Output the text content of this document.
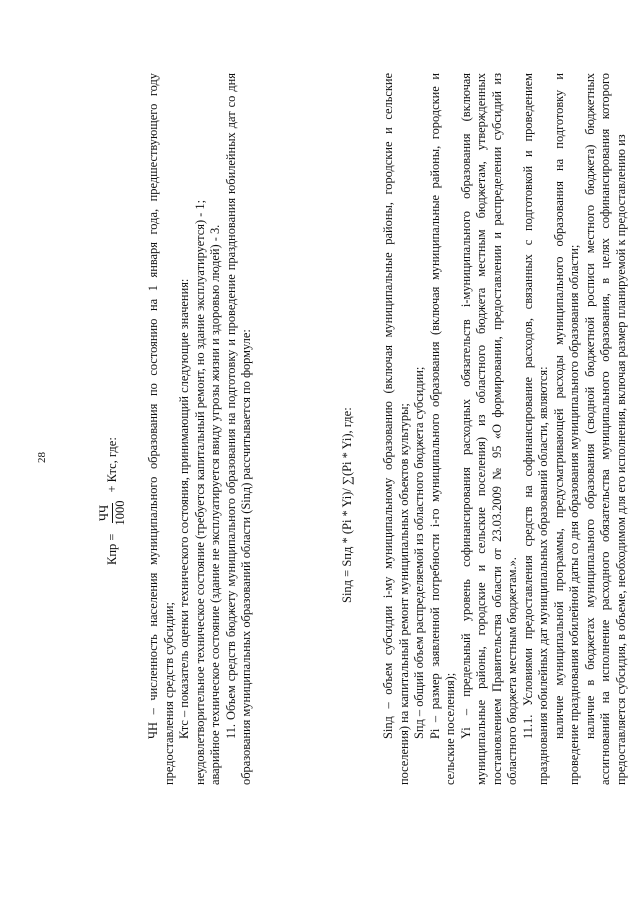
28
Кпр =
ЧЧ 1000
+ Ктс, где: ЧН – численность населения муниципального образования по состоянию на 1 января года, предшествующего году предоставления средств субсидии; Ктс – показатель оценки технического состояния, принимающий следующие значения: неудовлетворительное техническое состояние (требуется капитальный ремонт, но здание эксплуатируется) - 1; аварийное техническое состояние (здание не эксплуатируется ввиду угрозы жизни и здоровью людей) - 3. 11. Объем средств бюджету муниципального образования на подготовку и проведение празднования юбилейных дат со дня образования муниципальных образований области (Sinд) рассчитывается по формуле:	Sinд = Sпд * (Pi * Yi)/ ∑(Pi * Yi), где: Sinд – объем субсидии i-му муниципальному образованию (включая муниципальные районы, городские и сельские поселения) на капитальный ремонт муниципальных объектов культуры; Sпд – общий объем распределяемой из областного бюджета субсидии; Pi – размер заявленной потребности i-го муниципального образования (включая муниципальные районы, городские и сельские поселения); Yi – предельный уровень софинансирования расходных обязательств i-муниципального образования (включая муниципальные районы, городские и сельские поселения) из областного бюджета местным бюджетам, утвержденных постановлением Правительства области от 23.03.2009 № 95 «О формировании, предоставлении и распределении субсидий из областного бюджета местным бюджетам.». 11.1. Условиями предоставления средств на софинансирование расходов, связанных с подготовкой и проведением празднования юбилейных дат муниципальных образований области, являются: наличие муниципальной программы, предусматривающей расходы муниципального образования на подготовку и проведение празднования юбилейной даты со дня образования муниципального образования области; наличие в бюджетах муниципального образования (сводной бюджетной росписи местного бюджета) бюджетных ассигнований на исполнение расходного обязательства муниципального образования, в целях софинансирования которого предоставляется субсидия, в объеме, необходимом для его исполнения, включая размер планируемой к предоставлению из
